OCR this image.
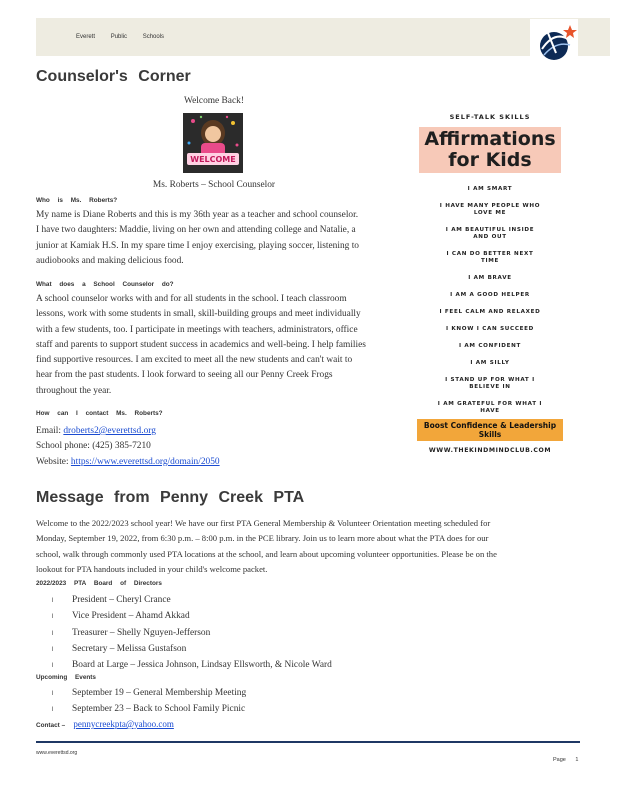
Everett	Public	Schools
Counselor's Corner
Welcome Back!
WELCOME
Ms. Roberts – School Counselor
Who is Ms. Roberts?
My name is Diane Roberts and this is my 36th year as a teacher and school counselor.
I have two daughters: Maddie, living on her own and attending college and Natalie, a
junior at Kamiak H.S. In my spare time I enjoy exercising, playing soccer, listening to
audiobooks and making delicious food.
What does a School Counselor do?
A school counselor works with and for all students in the school. I teach classroom
lessons, work with some students in small, skill-building groups and meet individually
with a few students, too. I participate in meetings with teachers, administrators, office
staff and parents to support student success in academics and well-being. I help families
find supportive resources. I am excited to meet all the new students and can't wait to
hear from the past students. I look forward to seeing all our Penny Creek Frogs
throughout the year.
How can I contact Ms. Roberts?
Email: droberts2@everettsd.org
School phone: (425) 385-7210
Website: https://www.everettsd.org/domain/2050
SELF-TALK SKILLS
Affirmations
for Kids
I AM SMART
I HAVE MANY PEOPLE WHO LOVE ME
I AM BEAUTIFUL INSIDE AND OUT
I CAN DO BETTER NEXT TIME
I AM BRAVE
I AM A GOOD HELPER
I FEEL CALM AND RELAXED
I KNOW I CAN SUCCEED
I AM CONFIDENT
I AM SILLY
I STAND UP FOR WHAT I BELIEVE IN
I AM GRATEFUL FOR WHAT I HAVE
Boost Confidence & Leadership Skills
WWW.THEKINDMINDCLUB.COM
Message from Penny Creek PTA
Welcome to the 2022/2023 school year! We have our first PTA General Membership & Volunteer Orientation meeting scheduled for
Monday, September 19, 2022, from 6:30 p.m. – 8:00 p.m. in the PCE library. Join us to learn more about what the PTA does for our
school, walk through commonly used PTA locations at the school, and learn about upcoming volunteer opportunities. Please be on the
lookout for PTA handouts included in your child's welcome packet.
2022/2023 PTA Board of Directors
l President – Cheryl Crance
l Vice President – Ahamd Akkad
l Treasurer – Shelly Nguyen-Jefferson
l Secretary – Melissa Gustafson
l Board at Large – Jessica Johnson, Lindsay Ellsworth, & Nicole Ward
Upcoming Events
l September 19 – General Membership Meeting
l September 23 – Back to School Family Picnic
Contact – pennycreekpta@yahoo.com
www.everettsd.org
Page 1
